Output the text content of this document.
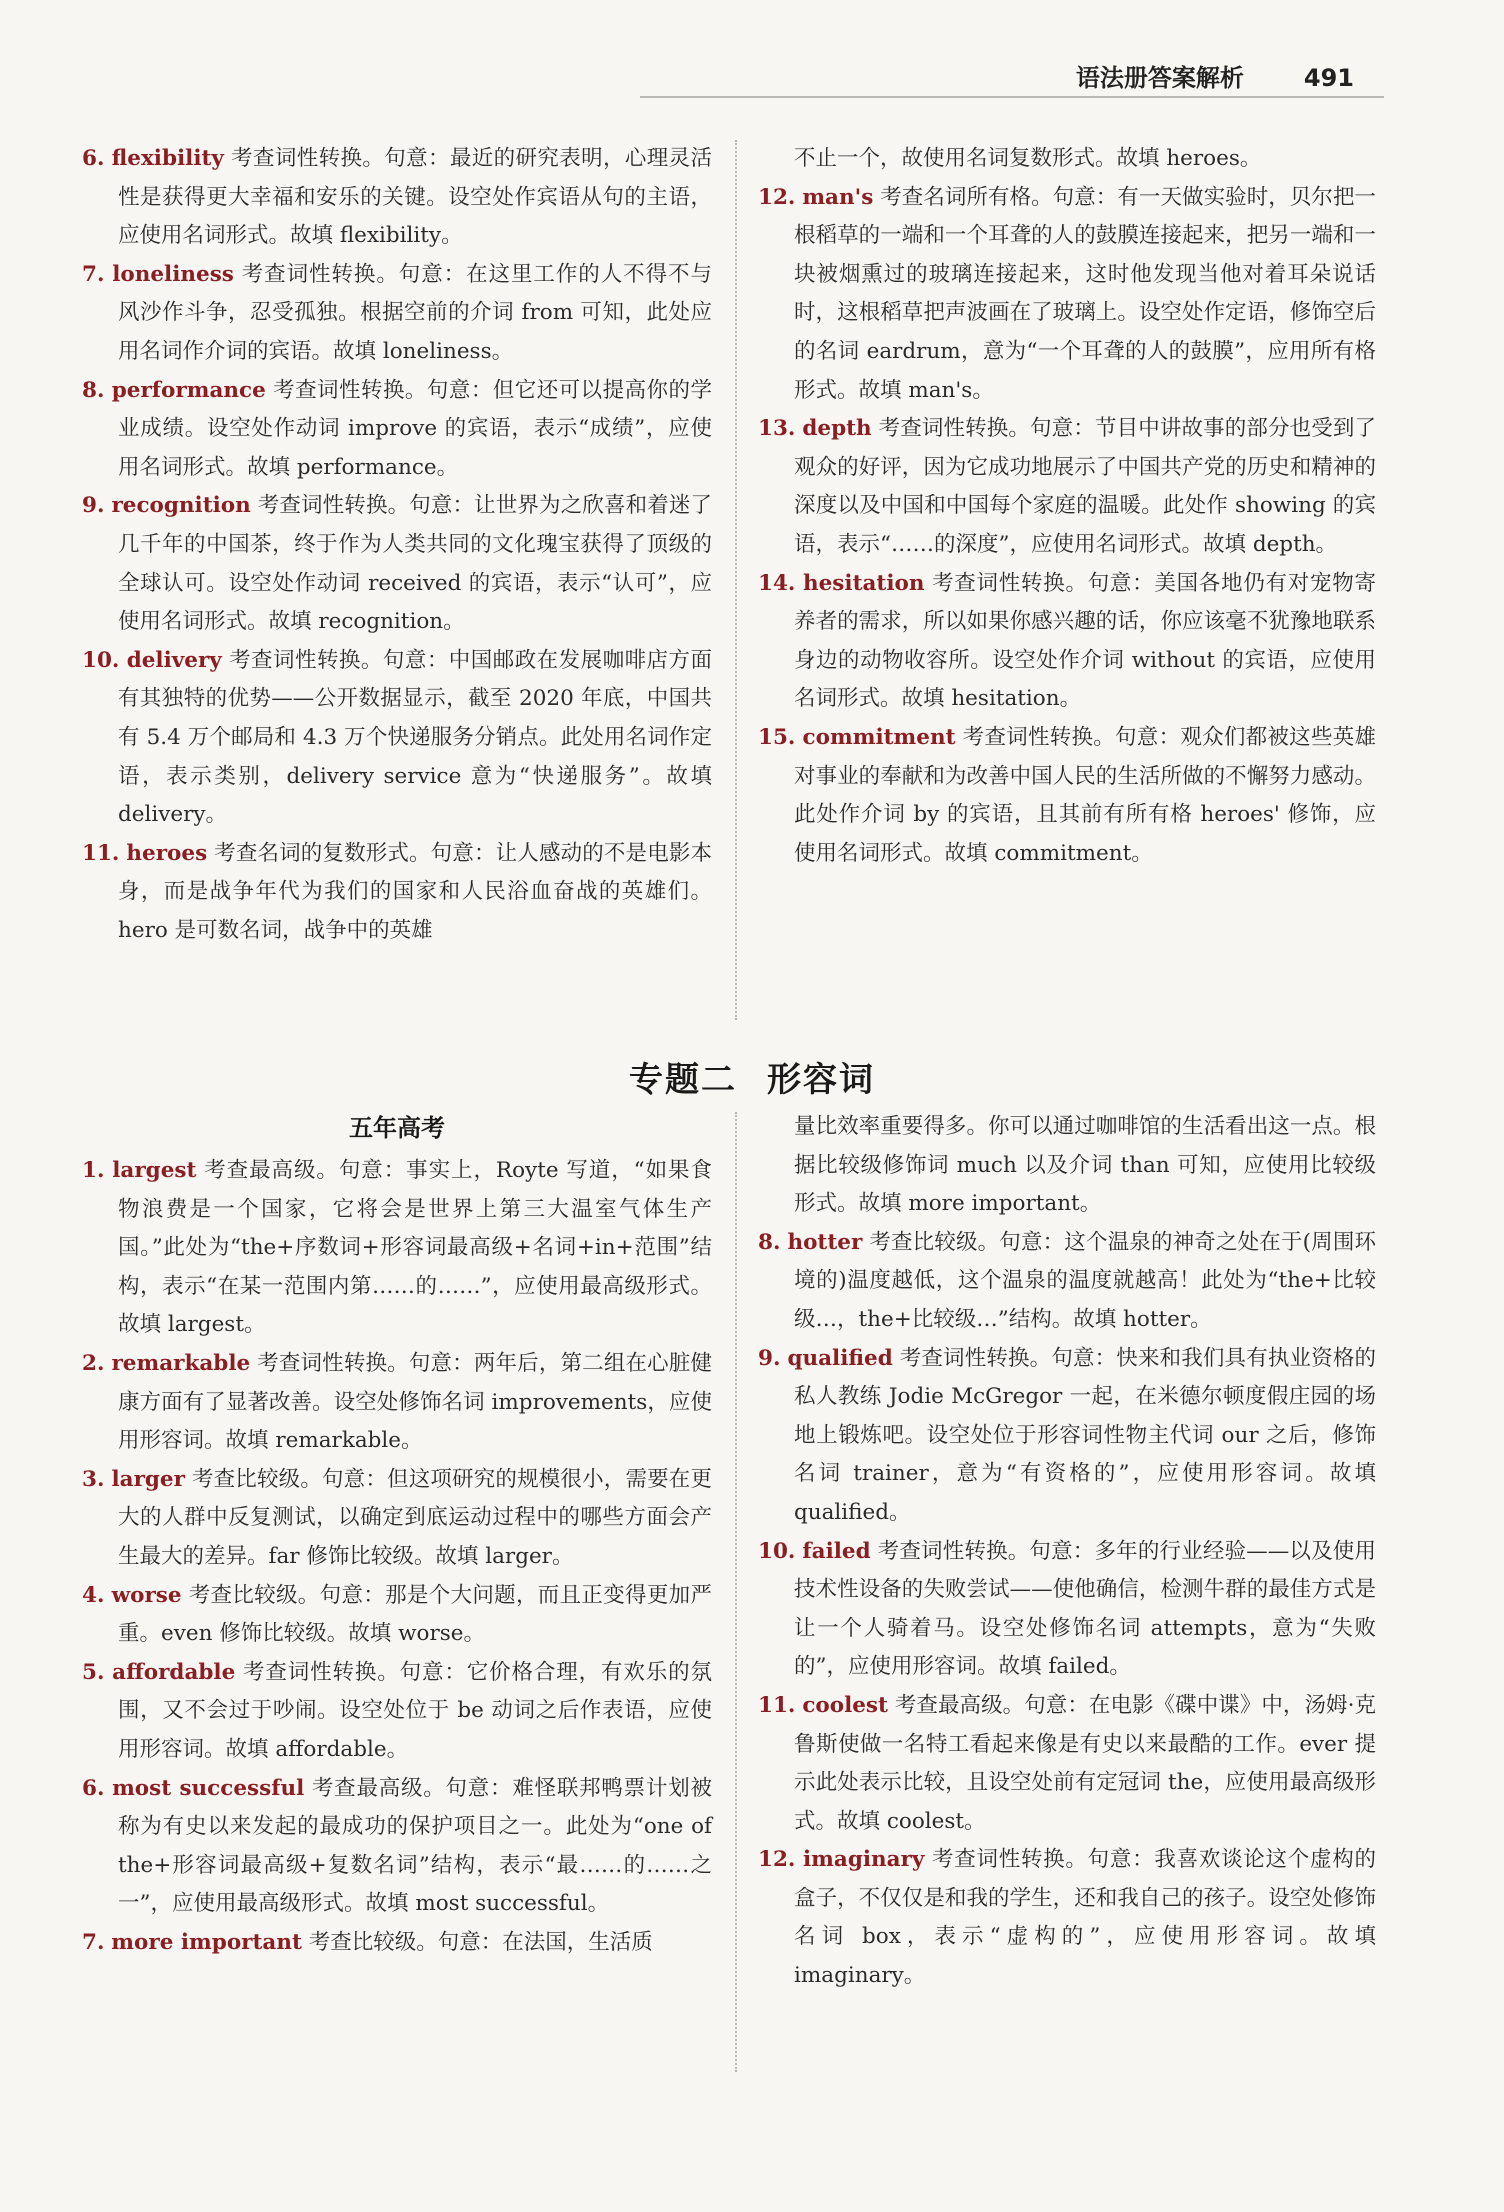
语法册答案解析	491

6. flexibility 考查词性转换。句意：最近的研究表明，心理灵活性是获得更大幸福和安乐的关键。设空处作宾语从句的主语，应使用名词形式。故填 flexibility。

7. loneliness 考查词性转换。句意：在这里工作的人不得不与风沙作斗争，忍受孤独。根据空前的介词 from 可知，此处应用名词作介词的宾语。故填 loneliness。

8. performance 考查词性转换。句意：但它还可以提高你的学业成绩。设空处作动词 improve 的宾语，表示“成绩”，应使用名词形式。故填 performance。

9. recognition 考查词性转换。句意：让世界为之欣喜和着迷了几千年的中国茶，终于作为人类共同的文化瑰宝获得了顶级的全球认可。设空处作动词 received 的宾语，表示“认可”，应使用名词形式。故填 recognition。

10. delivery 考查词性转换。句意：中国邮政在发展咖啡店方面有其独特的优势——公开数据显示，截至 2020 年底，中国共有 5.4 万个邮局和 4.3 万个快递服务分销点。此处用名词作定语，表示类别，delivery service 意为“快递服务”。故填 delivery。

11. heroes 考查名词的复数形式。句意：让人感动的不是电影本身，而是战争年代为我们的国家和人民浴血奋战的英雄们。hero 是可数名词，战争中的英雄

不止一个，故使用名词复数形式。故填 heroes。

12. man's 考查名词所有格。句意：有一天做实验时，贝尔把一根稻草的一端和一个耳聋的人的鼓膜连接起来，把另一端和一块被烟熏过的玻璃连接起来，这时他发现当他对着耳朵说话时，这根稻草把声波画在了玻璃上。设空处作定语，修饰空后的名词 eardrum，意为“一个耳聋的人的鼓膜”，应用所有格形式。故填 man's。

13. depth 考查词性转换。句意：节目中讲故事的部分也受到了观众的好评，因为它成功地展示了中国共产党的历史和精神的深度以及中国和中国每个家庭的温暖。此处作 showing 的宾语，表示“……的深度”，应使用名词形式。故填 depth。

14. hesitation 考查词性转换。句意：美国各地仍有对宠物寄养者的需求，所以如果你感兴趣的话，你应该毫不犹豫地联系身边的动物收容所。设空处作介词 without 的宾语，应使用名词形式。故填 hesitation。

15. commitment 考查词性转换。句意：观众们都被这些英雄对事业的奉献和为改善中国人民的生活所做的不懈努力感动。此处作介词 by 的宾语，且其前有所有格 heroes' 修饰，应使用名词形式。故填 commitment。

专题二 形容词
五年高考

1. largest 考查最高级。句意：事实上，Royte 写道，“如果食物浪费是一个国家，它将会是世界上第三大温室气体生产国。”此处为“the+序数词+形容词最高级+名词+in+范围”结构，表示“在某一范围内第……的……”，应使用最高级形式。故填 largest。

2. remarkable 考查词性转换。句意：两年后，第二组在心脏健康方面有了显著改善。设空处修饰名词 improvements，应使用形容词。故填 remarkable。

3. larger 考查比较级。句意：但这项研究的规模很小，需要在更大的人群中反复测试，以确定到底运动过程中的哪些方面会产生最大的差异。far 修饰比较级。故填 larger。

4. worse 考查比较级。句意：那是个大问题，而且正变得更加严重。even 修饰比较级。故填 worse。

5. affordable 考查词性转换。句意：它价格合理，有欢乐的氛围，又不会过于吵闹。设空处位于 be 动词之后作表语，应使用形容词。故填 affordable。

6. most successful 考查最高级。句意：难怪联邦鸭票计划被称为有史以来发起的最成功的保护项目之一。此处为“one of the+形容词最高级+复数名词”结构，表示“最……的……之一”，应使用最高级形式。故填 most successful。

7. more important 考查比较级。句意：在法国，生活质

量比效率重要得多。你可以通过咖啡馆的生活看出这一点。根据比较级修饰词 much 以及介词 than 可知，应使用比较级形式。故填 more important。

8. hotter 考查比较级。句意：这个温泉的神奇之处在于(周围环境的)温度越低，这个温泉的温度就越高！此处为“the+比较级…，the+比较级…”结构。故填 hotter。

9. qualified 考查词性转换。句意：快来和我们具有执业资格的私人教练 Jodie McGregor 一起，在米德尔顿度假庄园的场地上锻炼吧。设空处位于形容词性物主代词 our 之后，修饰名词 trainer，意为“有资格的”，应使用形容词。故填 qualified。

10. failed 考查词性转换。句意：多年的行业经验——以及使用技术性设备的失败尝试——使他确信，检测牛群的最佳方式是让一个人骑着马。设空处修饰名词 attempts，意为“失败的”，应使用形容词。故填 failed。

11. coolest 考查最高级。句意：在电影《碟中谍》中，汤姆·克鲁斯使做一名特工看起来像是有史以来最酷的工作。ever 提示此处表示比较，且设空处前有定冠词 the，应使用最高级形式。故填 coolest。

12. imaginary 考查词性转换。句意：我喜欢谈论这个虚构的盒子，不仅仅是和我的学生，还和我自己的孩子。设空处修饰名词 box，表示“虚构的”，应使用形容词。故填 imaginary。
